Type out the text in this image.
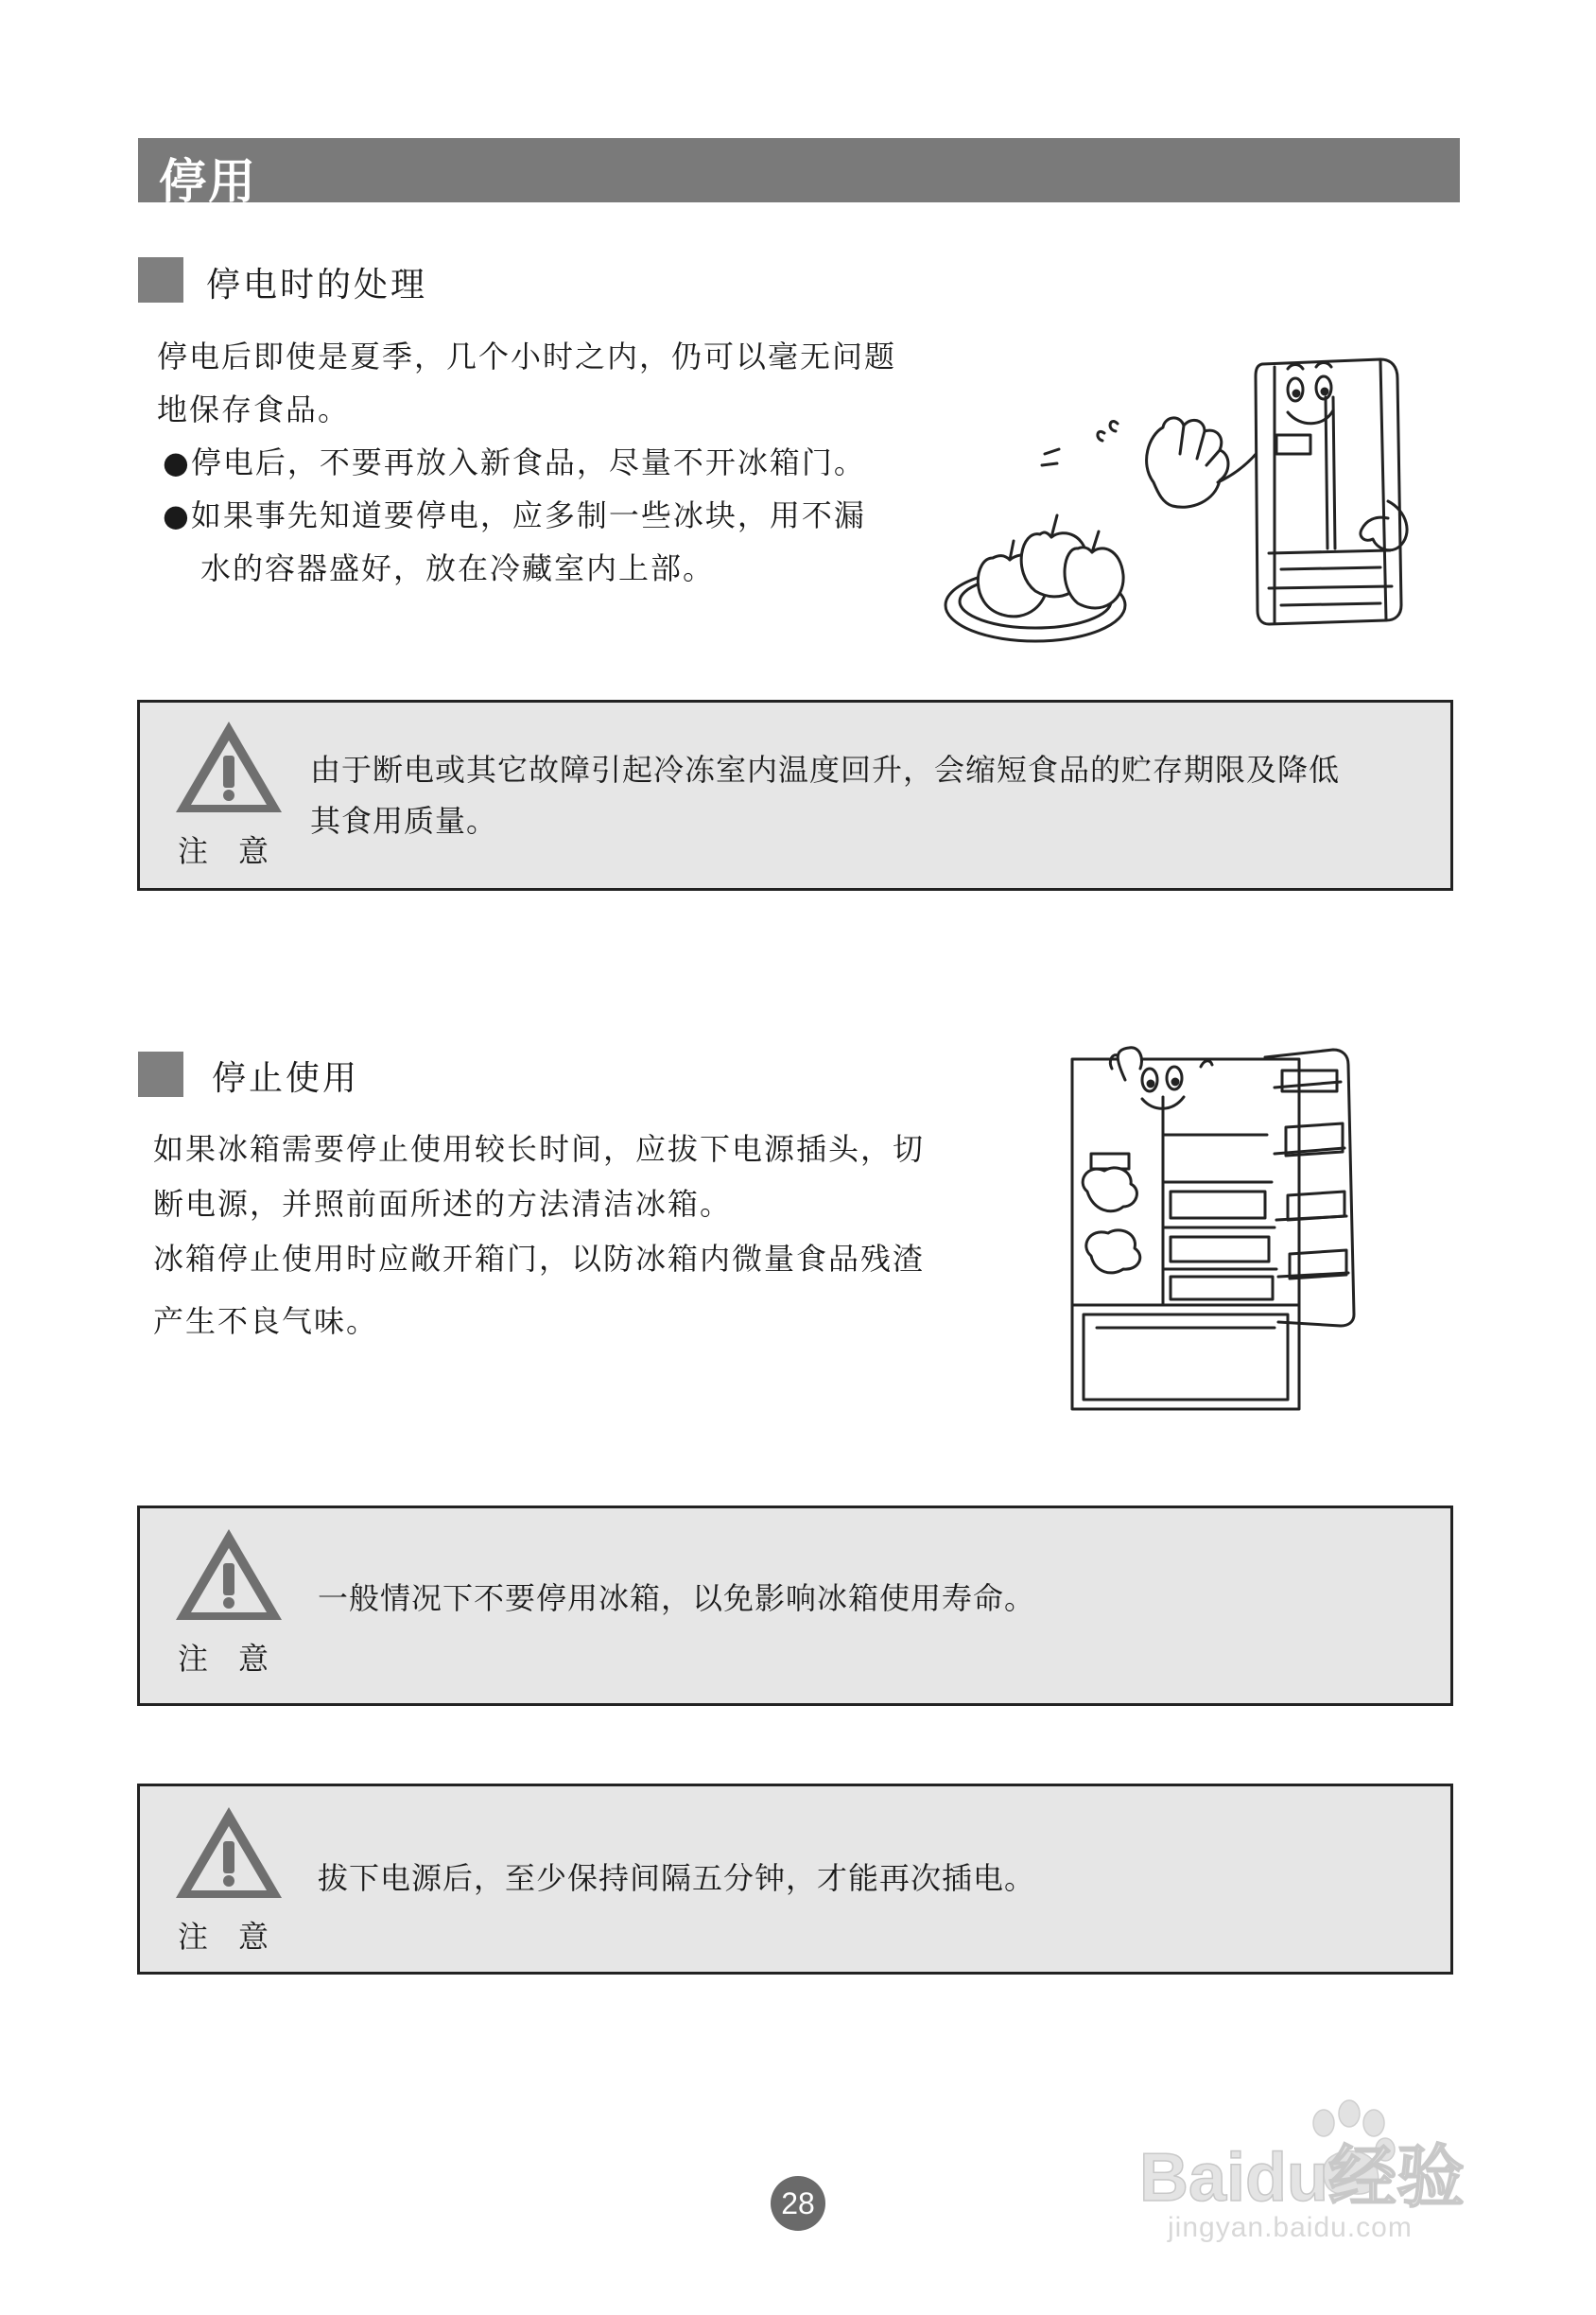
停用
停电时的处理

停电后即使是夏季，几个小时之内，仍可以毫无问题

地保存食品。

●停电后，不要再放入新食品，尽量不开冰箱门。

●如果事先知道要停电，应多制一些冰块，用不漏

水的容器盛好，放在冷藏室内上部。

注　意
由于断电或其它故障引起冷冻室内温度回升，会缩短食品的贮存期限及降低
其食用质量。
停止使用

如果冰箱需要停止使用较长时间，应拔下电源插头，切

断电源，并照前面所述的方法清洁冰箱。

冰箱停止使用时应敞开箱门，以防冰箱内微量食品残渣

产生不良气味。

注　意
一般情况下不要停用冰箱，以免影响冰箱使用寿命。
注　意
拔下电源后，至少保持间隔五分钟，才能再次插电。
28	Baidu经验
jingyan.baidu.com
